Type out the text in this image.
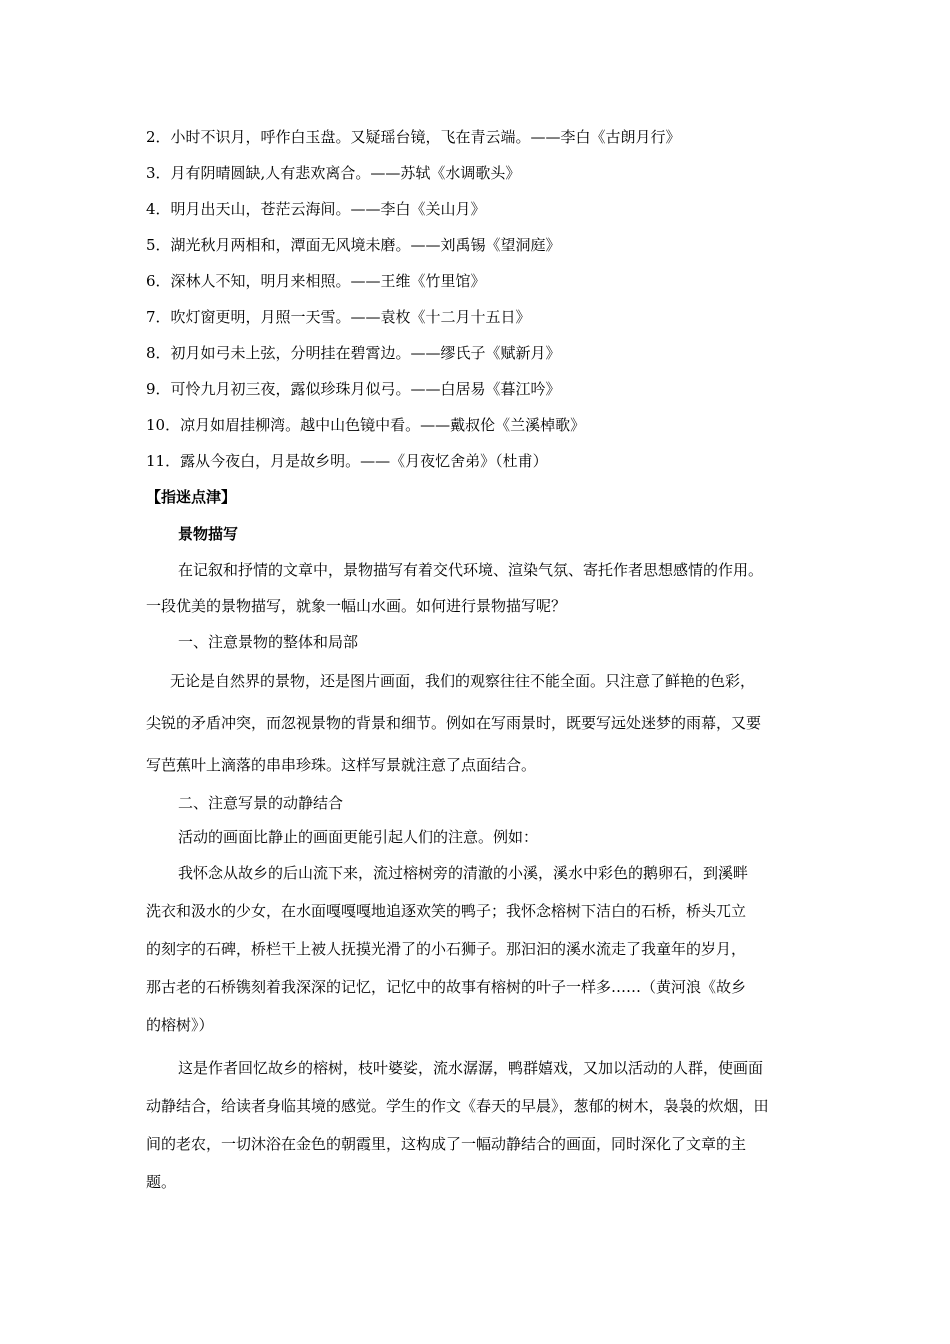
2．小时不识月，呼作白玉盘。又疑瑶台镜，飞在青云端。——李白《古朗月行》
3．月有阴晴圆缺,人有悲欢离合。——苏轼《水调歌头》
4．明月出天山，苍茫云海间。——李白《关山月》
5．湖光秋月两相和，潭面无风境未磨。——刘禹锡《望洞庭》
6．深林人不知，明月来相照。——王维《竹里馆》
7．吹灯窗更明，月照一天雪。——袁枚《十二月十五日》
8．初月如弓未上弦，分明挂在碧霄边。——缪氏子《赋新月》
9．可怜九月初三夜，露似珍珠月似弓。——白居易《暮江吟》
10．凉月如眉挂柳湾。越中山色镜中看。——戴叔伦《兰溪棹歌》
11．露从今夜白，月是故乡明。——《月夜忆舍弟》（杜甫）
【指迷点津】
景物描写
在记叙和抒情的文章中，景物描写有着交代环境、渲染气氛、寄托作者思想感情的作用。
一段优美的景物描写，就象一幅山水画。如何进行景物描写呢？
一、注意景物的整体和局部
无论是自然界的景物，还是图片画面，我们的观察往往不能全面。只注意了鲜艳的色彩，
尖锐的矛盾冲突，而忽视景物的背景和细节。例如在写雨景时，既要写远处迷梦的雨幕，又要
写芭蕉叶上滴落的串串珍珠。这样写景就注意了点面结合。
二、注意写景的动静结合
活动的画面比静止的画面更能引起人们的注意。例如：
我怀念从故乡的后山流下来，流过榕树旁的清澈的小溪，溪水中彩色的鹅卵石，到溪畔
洗衣和汲水的少女，在水面嘎嘎嘎地追逐欢笑的鸭子；我怀念榕树下洁白的石桥，桥头兀立
的刻字的石碑，桥栏干上被人抚摸光滑了的小石狮子。那汩汩的溪水流走了我童年的岁月，
那古老的石桥镌刻着我深深的记忆，记忆中的故事有榕树的叶子一样多……（黄河浪《故乡
的榕树》）
这是作者回忆故乡的榕树，枝叶婆娑，流水潺潺，鸭群嬉戏，又加以活动的人群，使画面
动静结合，给读者身临其境的感觉。学生的作文《春天的早晨》，葱郁的树木，袅袅的炊烟，田
间的老农，一切沐浴在金色的朝霞里，这构成了一幅动静结合的画面，同时深化了文章的主
题。
